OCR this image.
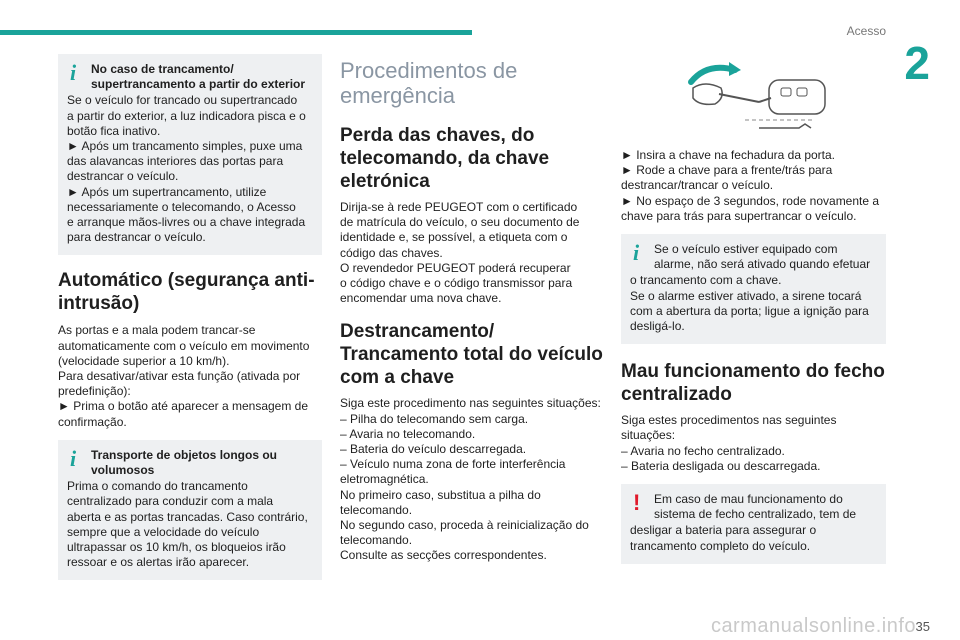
Acesso
2
i	No caso de trancamento/ supertrancamento a partir do exterior
Se o veículo for trancado ou supertrancado
a partir do exterior, a luz indicadora pisca e o
botão fica inativo.
► Após um trancamento simples, puxe uma
das alavancas interiores das portas para
destrancar o veículo.
► Após um supertrancamento, utilize
necessariamente o telecomando, o Acesso
e arranque mãos-livres ou a chave integrada
para destrancar o veículo.
Automático (segurança anti-intrusão)
As portas e a mala podem trancar-se
automaticamente com o veículo em movimento
(velocidade superior a 10 km/h).
Para desativar/ativar esta função (ativada por
predefinição):
► Prima o botão até aparecer a mensagem de
confirmação.
i	Transporte de objetos longos ou volumosos
Prima o comando do trancamento
centralizado para conduzir com a mala
aberta e as portas trancadas. Caso contrário,
sempre que a velocidade do veículo
ultrapassar os 10 km/h, os bloqueios irão
ressoar e os alertas irão aparecer.
Procedimentos de emergência
Perda das chaves, do telecomando, da chave eletrónica
Dirija-se à rede PEUGEOT com o certificado
de matrícula do veículo, o seu documento de
identidade e, se possível, a etiqueta com o
código das chaves.
O revendedor PEUGEOT poderá recuperar
o código chave e o código transmissor para
encomendar uma nova chave.
Destrancamento/ Trancamento total do veículo com a chave
Siga este procedimento nas seguintes situações:
– Pilha do telecomando sem carga.
– Avaria no telecomando.
– Bateria do veículo descarregada.
– Veículo numa zona de forte interferência
eletromagnética.
No primeiro caso, substitua a pilha do
telecomando.
No segundo caso, proceda à reinicialização do
telecomando.
Consulte as secções correspondentes.
► Insira a chave na fechadura da porta.
► Rode a chave para a frente/trás para
destrancar/trancar o veículo.
► No espaço de 3 segundos, rode novamente a
chave para trás para supertrancar o veículo.
i	Se o veículo estiver equipado com alarme, não será ativado quando efetuar
o trancamento com a chave.
Se o alarme estiver ativado, a sirene tocará
com a abertura da porta; ligue a ignição para
desligá-lo.
Mau funcionamento do fecho centralizado
Siga estes procedimentos nas seguintes
situações:
– Avaria no fecho centralizado.
– Bateria desligada ou descarregada.
!	Em caso de mau funcionamento do sistema de fecho centralizado, tem de
desligar a bateria para assegurar o
trancamento completo do veículo.
carmanualsonline.info 35
